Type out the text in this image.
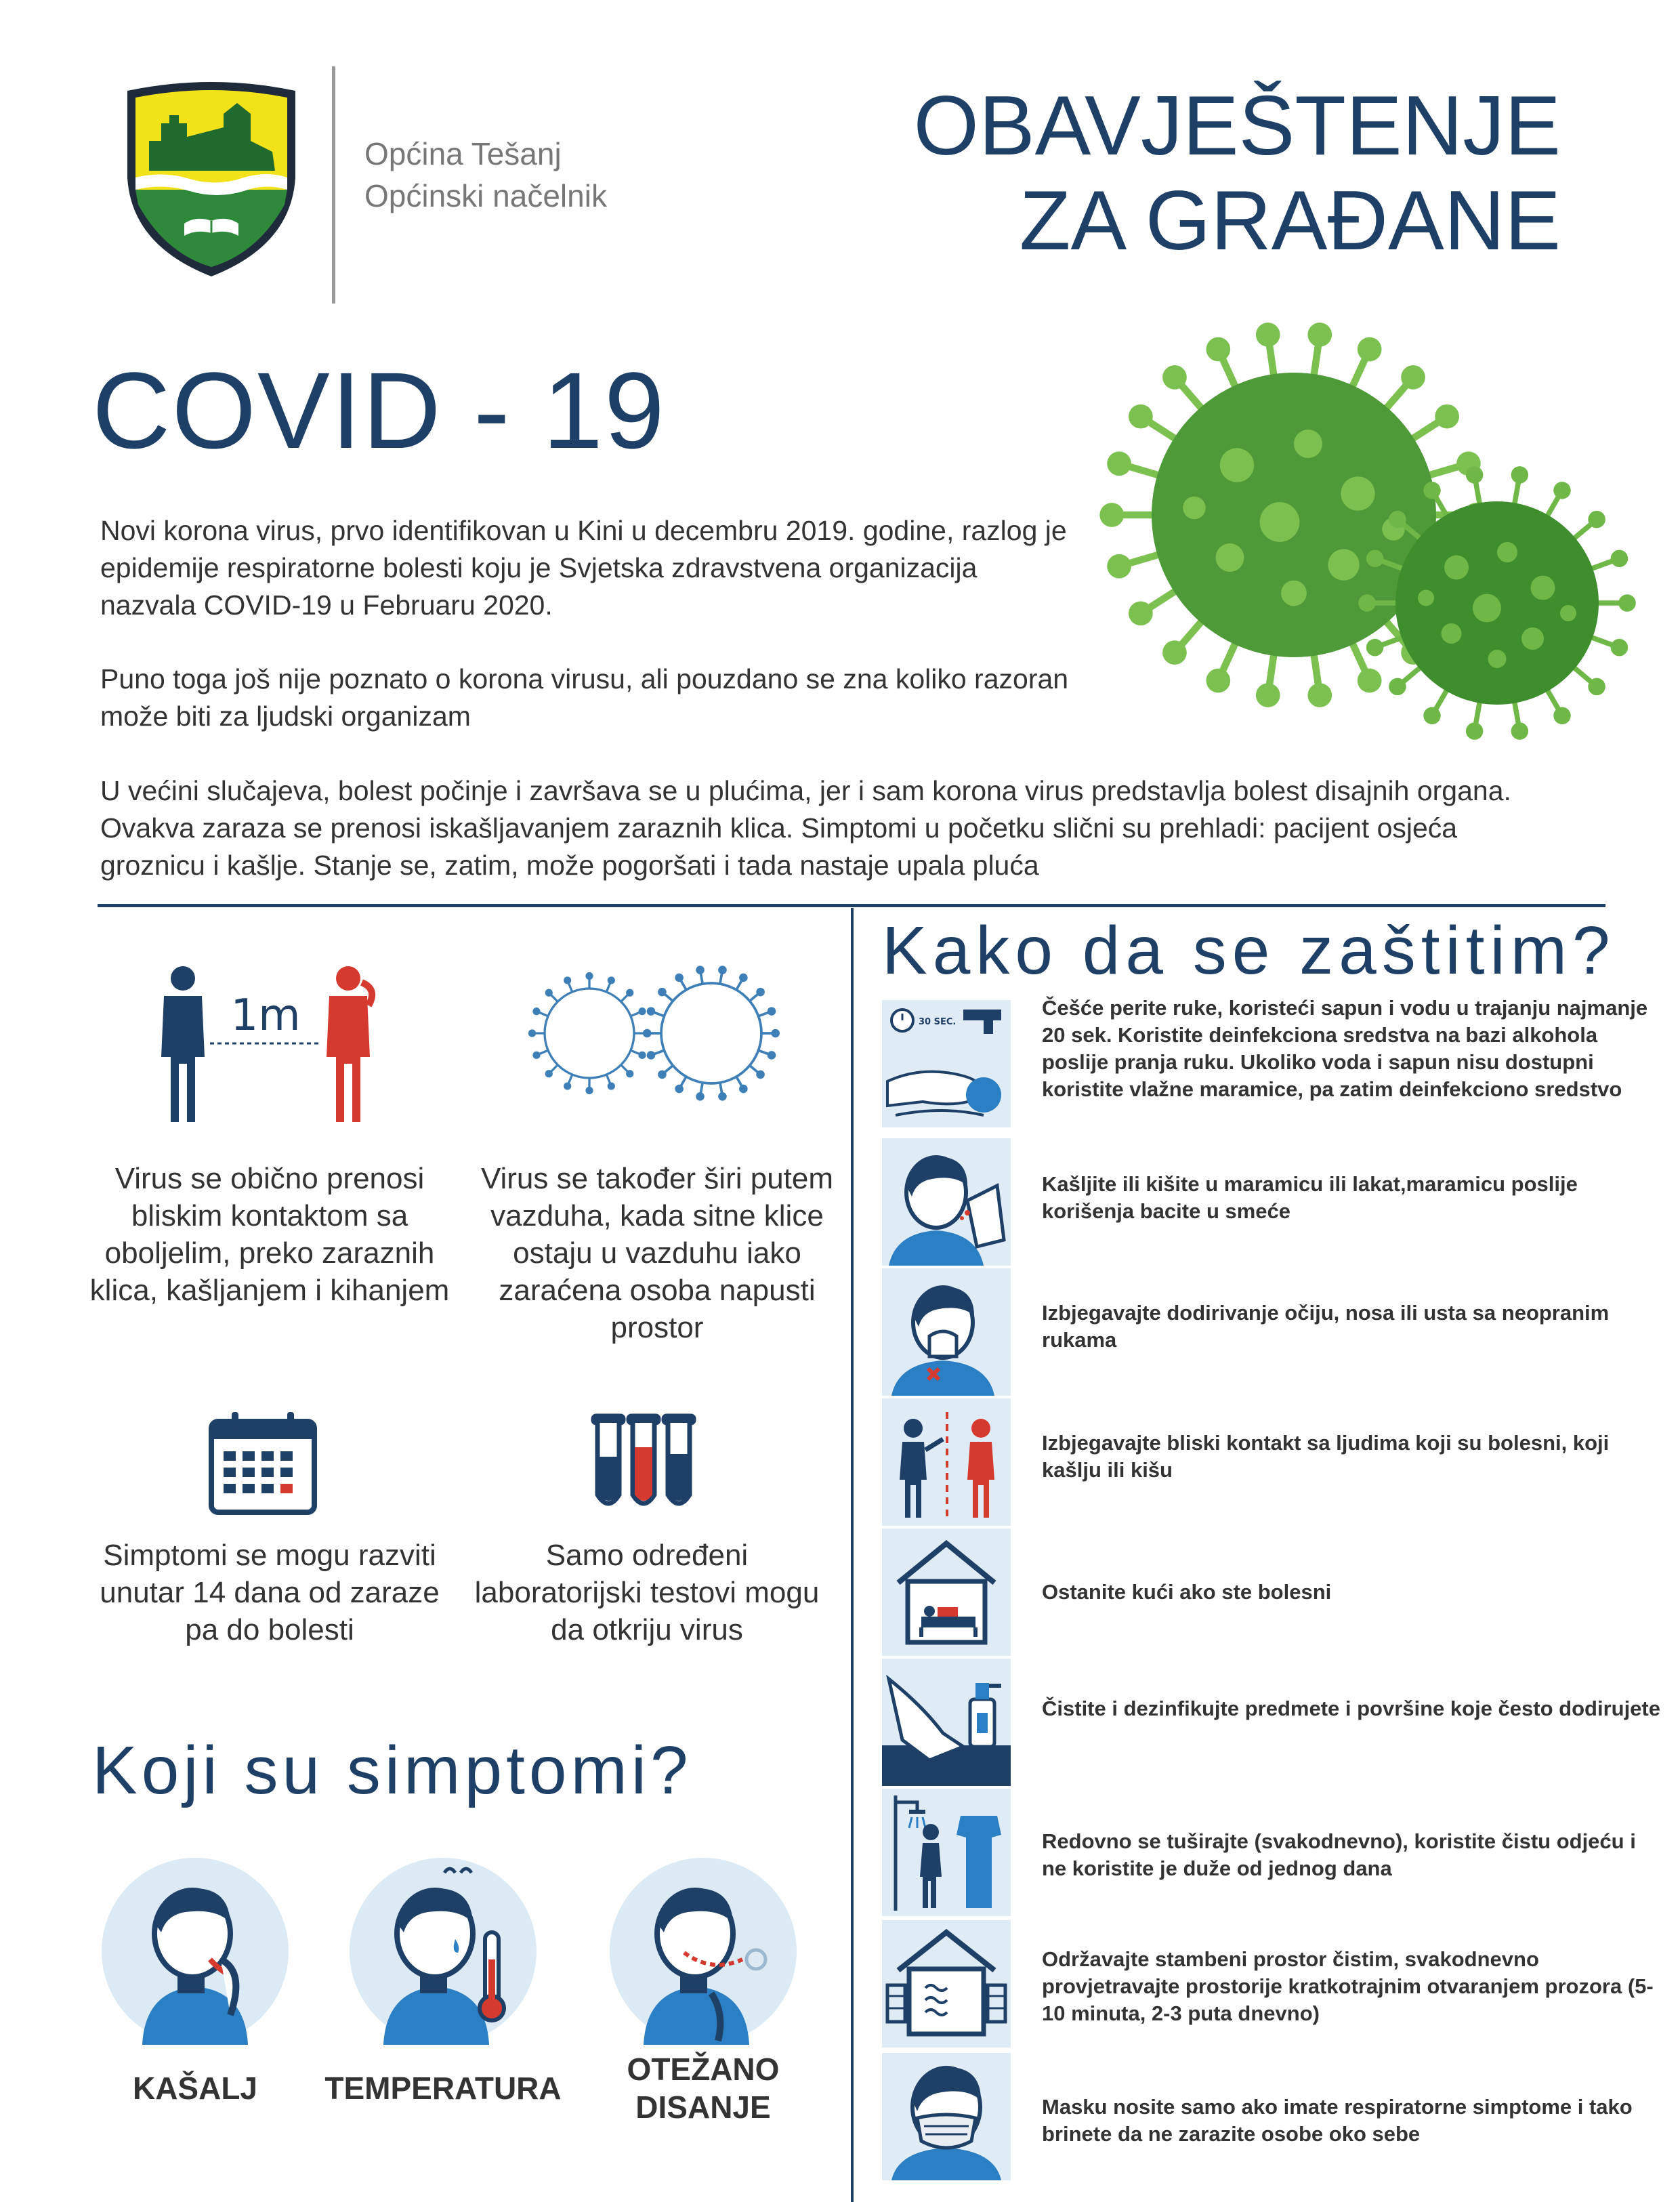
Općina Tešanj
Općinski načelnik
OBAVJEŠTENJE
ZA GRAĐANE
COVID - 19
Novi korona virus, prvo identifikovan u Kini u decembru 2019. godine, razlog je epidemije respiratorne bolesti koju je Svjetska zdravstvena organizacija nazvala COVID-19 u Februaru 2020.
Puno toga još nije poznato o korona virusu, ali pouzdano se zna koliko razoran može biti za ljudski organizam
U većini slučajeva, bolest počinje i završava se u plućima, jer i sam korona virus predstavlja bolest disajnih organa. Ovakva zaraza se prenosi iskašljavanjem zaraznih klica. Simptomi u početku slični su prehladi: pacijent osjeća groznicu i kašlje. Stanje se, zatim, može pogoršati i tada nastaje upala pluća
1m
Virus se obično prenosi bliskim kontaktom sa oboljelim, preko zaraznih klica, kašljanjem i kihanjem
Virus se također širi putem vazduha, kada sitne klice ostaju u vazduhu iako zaraćena osoba napusti prostor
Simptomi se mogu razviti unutar 14 dana od zaraze pa do bolesti
Samo određeni laboratorijski testovi mogu da otkriju virus
Koji su simptomi?
KAŠALJ	TEMPERATURA
OTEŽANO DISANJE
Kako da se zaštitim?
30 SEC.
Češće perite ruke, koristeći sapun i vodu u trajanju najmanje 20 sek. Koristite deinfekciona sredstva na bazi alkohola poslije pranja ruku. Ukoliko voda i sapun nisu dostupni koristite vlažne maramice, pa zatim deinfekciono sredstvo
Kašljite ili kišite u maramicu ili lakat,maramicu poslije korišenja bacite u smeće
Izbjegavajte dodirivanje očiju, nosa ili usta sa neopranim rukama
Izbjegavajte bliski kontakt sa ljudima koji su bolesni, koji kašlju ili kišu
Ostanite kući ako ste bolesni
Čistite i dezinfikujte predmete i površine koje često dodirujete
Redovno se tuširajte (svakodnevno), koristite čistu odjeću i ne koristite je duže od jednog dana
Održavajte stambeni prostor čistim, svakodnevno provjetravajte prostorije kratkotrajnim otvaranjem prozora (5-10 minuta, 2-3 puta dnevno)
Masku nosite samo ako imate respiratorne simptome i tako brinete da ne zarazite osobe oko sebe
